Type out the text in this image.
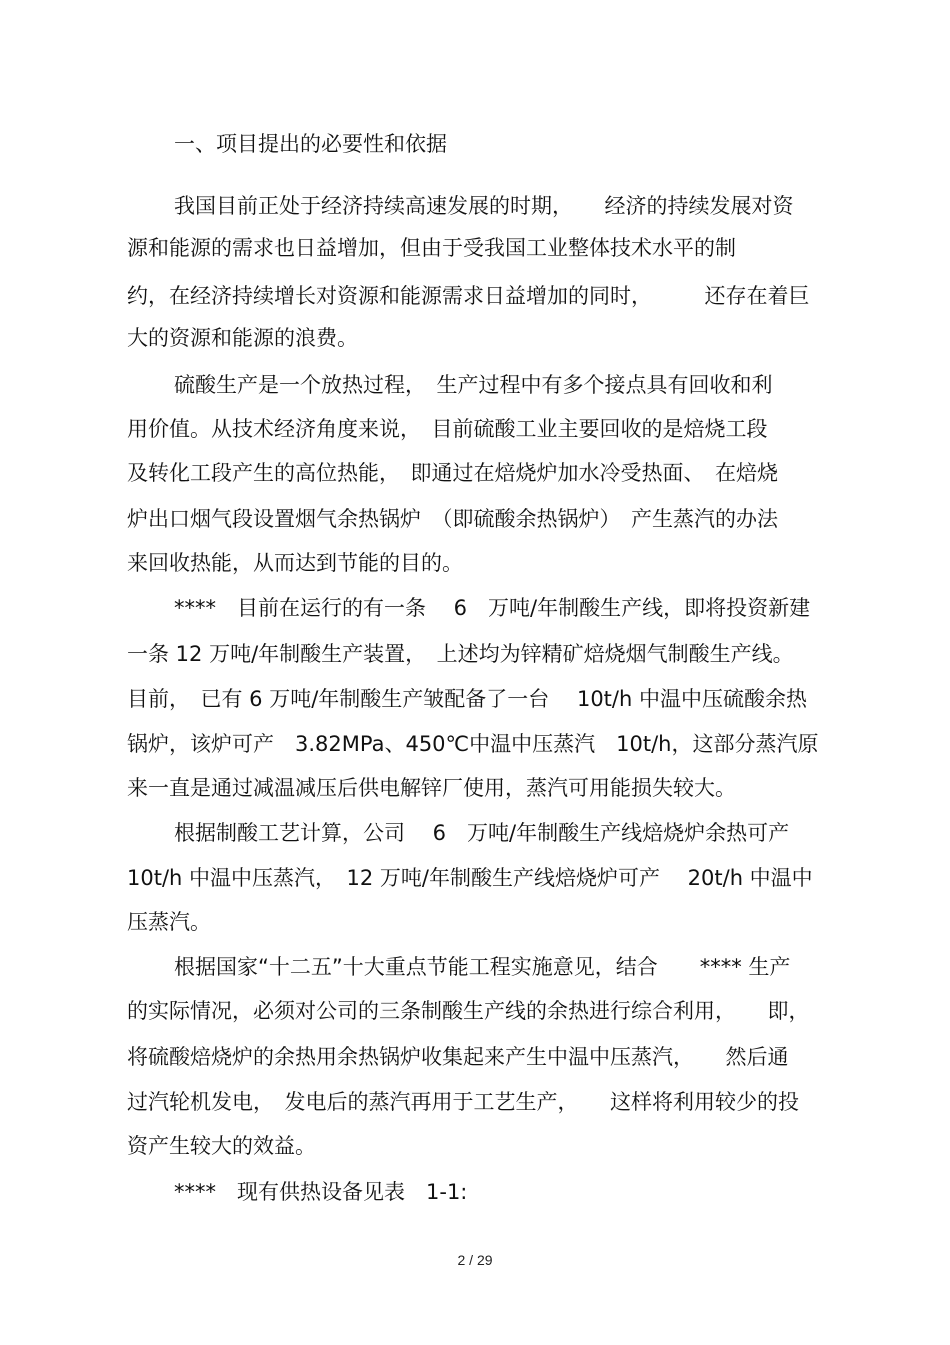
一、项目提出的必要性和依据
我国目前正处于经济持续高速发展的时期，　　经济的持续发展对资
源和能源的需求也日益增加，但由于受我国工业整体技术水平的制
约，在经济持续增长对资源和能源需求日益增加的同时，　　　还存在着巨
大的资源和能源的浪费。
硫酸生产是一个放热过程，　生产过程中有多个接点具有回收和利
用价值。从技术经济角度来说，　目前硫酸工业主要回收的是焙烧工段
及转化工段产生的高位热能，　即通过在焙烧炉加水冷受热面、　在焙烧
炉出口烟气段设置烟气余热锅炉　（即硫酸余热锅炉）　产生蒸汽的办法
来回收热能，从而达到节能的目的。
****　目前在运行的有一条　 6　万吨/年制酸生产线，即将投资新建
一条 12 万吨/年制酸生产装置，　上述均为锌精矿焙烧烟气制酸生产线。
目前，　已有 6 万吨/年制酸生产皱配备了一台　 10t/h 中温中压硫酸余热
锅炉，该炉可产　3.82MPa、450℃中温中压蒸汽　10t/h，这部分蒸汽原
来一直是通过减温减压后供电解锌厂使用，蒸汽可用能损失较大。
根据制酸工艺计算，公司　 6　万吨/年制酸生产线焙烧炉余热可产
10t/h 中温中压蒸汽，　12 万吨/年制酸生产线焙烧炉可产　 20t/h 中温中
压蒸汽。
根据国家“十二五”十大重点节能工程实施意见，结合　　**** 生产
的实际情况，必须对公司的三条制酸生产线的余热进行综合利用，　　即，
将硫酸焙烧炉的余热用余热锅炉收集起来产生中温中压蒸汽，　　然后通
过汽轮机发电，　发电后的蒸汽再用于工艺生产，　　这样将利用较少的投
资产生较大的效益。
****　现有供热设备见表　1-1:
2 / 29
